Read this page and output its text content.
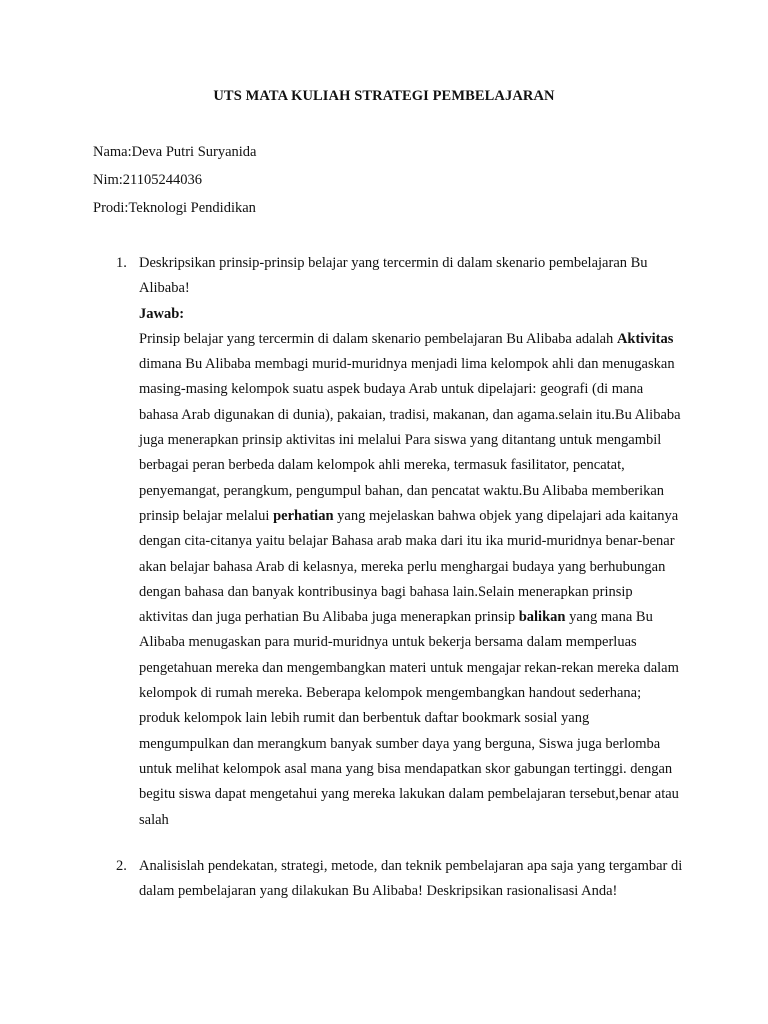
UTS MATA KULIAH STRATEGI PEMBELAJARAN
Nama:Deva Putri Suryanida
Nim:21105244036
Prodi:Teknologi Pendidikan
1. Deskripsikan prinsip-prinsip belajar yang tercermin di dalam skenario pembelajaran Bu Alibaba!

Jawab:

Prinsip belajar yang tercermin di dalam skenario pembelajaran Bu Alibaba adalah Aktivitas dimana Bu Alibaba membagi murid-muridnya menjadi lima kelompok ahli dan menugaskan masing-masing kelompok suatu aspek budaya Arab untuk dipelajari: geografi (di mana bahasa Arab digunakan di dunia), pakaian, tradisi, makanan, dan agama.selain itu.Bu Alibaba juga menerapkan prinsip aktivitas ini melalui Para siswa yang ditantang untuk mengambil berbagai peran berbeda dalam kelompok ahli mereka, termasuk fasilitator, pencatat, penyemangat, perangkum, pengumpul bahan, dan pencatat waktu.Bu Alibaba memberikan prinsip belajar melalui perhatian yang mejelaskan bahwa objek yang dipelajari ada kaitanya dengan cita-citanya yaitu belajar Bahasa arab maka dari itu ika murid-muridnya benar-benar akan belajar bahasa Arab di kelasnya, mereka perlu menghargai budaya yang berhubungan dengan bahasa dan banyak kontribusinya bagi bahasa lain.Selain menerapkan prinsip aktivitas dan juga perhatian Bu Alibaba juga menerapkan prinsip balikan yang mana Bu Alibaba menugaskan para murid-muridnya untuk bekerja bersama dalam memperluas pengetahuan mereka dan mengembangkan materi untuk mengajar rekan-rekan mereka dalam kelompok di rumah mereka. Beberapa kelompok mengembangkan handout sederhana; produk kelompok lain lebih rumit dan berbentuk daftar bookmark sosial yang mengumpulkan dan merangkum banyak sumber daya yang berguna, Siswa juga berlomba untuk melihat kelompok asal mana yang bisa mendapatkan skor gabungan tertinggi. dengan begitu siswa dapat mengetahui yang mereka lakukan dalam pembelajaran tersebut,benar atau salah

2. Analisislah pendekatan, strategi, metode, dan teknik pembelajaran apa saja yang tergambar di dalam pembelajaran yang dilakukan Bu Alibaba! Deskripsikan rasionalisasi Anda!
